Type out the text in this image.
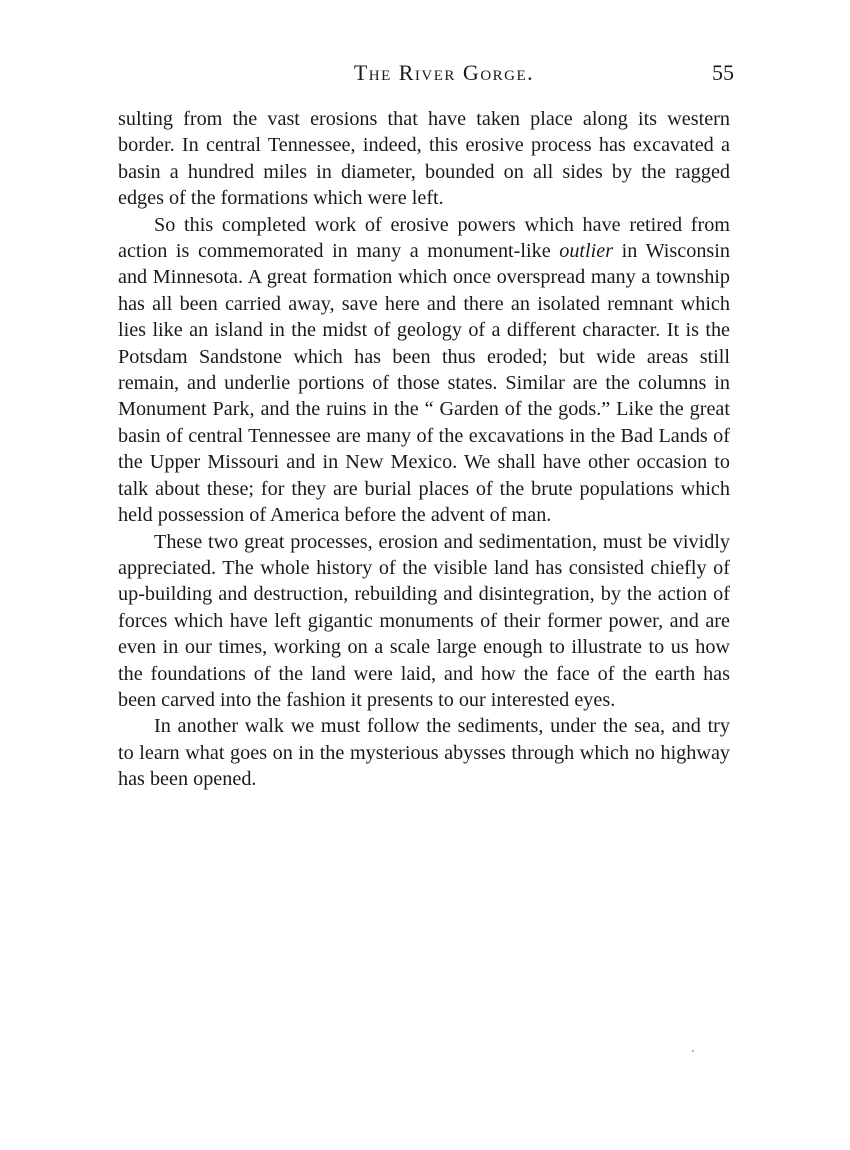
The River Gorge.	55

sulting from the vast erosions that have taken place along its western border. In central Tennessee, indeed, this erosive process has excavated a basin a hundred miles in diameter, bounded on all sides by the ragged edges of the formations which were left.

So this completed work of erosive powers which have retired from action is commemorated in many a monument-like outlier in Wisconsin and Minnesota. A great formation which once overspread many a township has all been carried away, save here and there an isolated remnant which lies like an island in the midst of geology of a different character. It is the Potsdam Sandstone which has been thus eroded; but wide areas still remain, and underlie portions of those states. Similar are the columns in Monument Park, and the ruins in the “ Garden of the gods.” Like the great basin of central Tennessee are many of the excavations in the Bad Lands of the Upper Missouri and in New Mexico. We shall have other occasion to talk about these; for they are burial places of the brute populations which held possession of America before the advent of man.

These two great processes, erosion and sedimentation, must be vividly appreciated. The whole history of the visible land has consisted chiefly of up-building and destruction, rebuilding and disintegration, by the action of forces which have left gigantic monuments of their former power, and are even in our times, working on a scale large enough to illustrate to us how the foundations of the land were laid, and how the face of the earth has been carved into the fashion it presents to our interested eyes.

In another walk we must follow the sediments, under the sea, and try to learn what goes on in the mysterious abysses through which no highway has been opened.
